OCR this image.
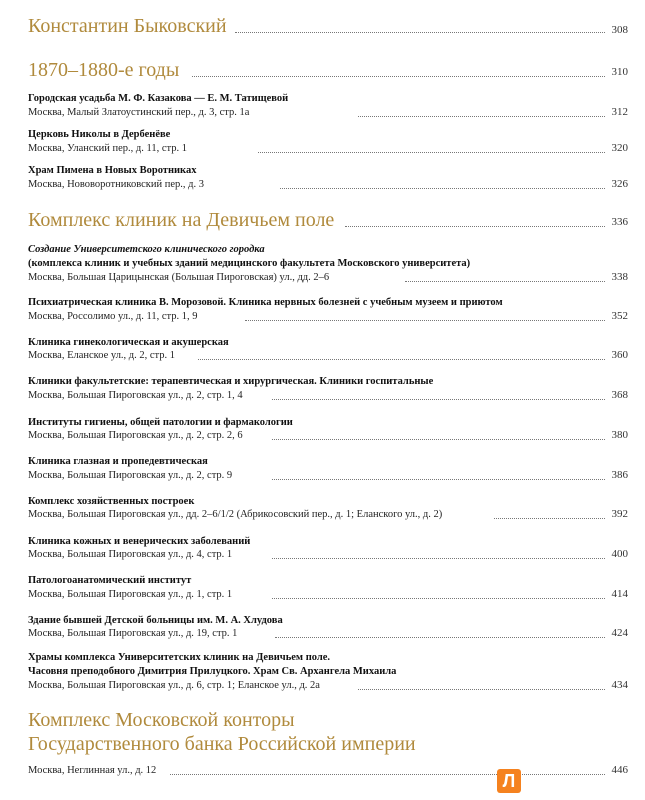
Константин Быковский	308
1870–1880-е годы	310
Городская усадьба М. Ф. Казакова — Е. М. Татищевой
Москва, Малый Златоустинский пер., д. 3, стр. 1а	312
Церковь Николы в Дербенёве
Москва, Уланский пер., д. 11, стр. 1	320
Храм Пимена в Новых Воротниках
Москва, Нововоротниковский пер., д. 3	326
Комплекс клиник на Девичьем поле	336
Создание Университетского клинического городка
(комплекса клиник и учебных зданий медицинского факультета Московского университета)
Москва, Большая Царицынская (Большая Пироговская) ул., дд. 2–6	338
Психиатрическая клиника В. Морозовой. Клиника нервных болезней с учебным музеем и приютом
Москва, Россолимо ул., д. 11, стр. 1, 9	352
Клиника гинекологическая и акушерская
Москва, Еланское ул., д. 2, стр. 1	360
Клиники факультетские: терапевтическая и хирургическая. Клиники госпитальные
Москва, Большая Пироговская ул., д. 2, стр. 1, 4	368
Институты гигиены, общей патологии и фармакологии
Москва, Большая Пироговская ул., д. 2, стр. 2, 6	380
Клиника глазная и пропедевтическая
Москва, Большая Пироговская ул., д. 2, стр. 9	386
Комплекс хозяйственных построек
Москва, Большая Пироговская ул., дд. 2–6/1/2 (Абрикосовский пер., д. 1; Еланского ул., д. 2)	392
Клиника кожных и венерических заболеваний
Москва, Большая Пироговская ул., д. 4, стр. 1	400
Патологоанатомический институт
Москва, Большая Пироговская ул., д. 1, стр. 1	414
Здание бывшей Детской больницы им. М. А. Хлудова
Москва, Большая Пироговская ул., д. 19, стр. 1	424
Храмы комплекса Университетских клиник на Девичьем поле.
Часовня преподобного Димитрия Прилуцкого. Храм Св. Архангела Михаила
Москва, Большая Пироговская ул., д. 6, стр. 1; Еланское ул., д. 2а	434
Комплекс Московской конторы
Государственного банка Российской империи
Москва, Неглинная ул., д. 12	446
Л
